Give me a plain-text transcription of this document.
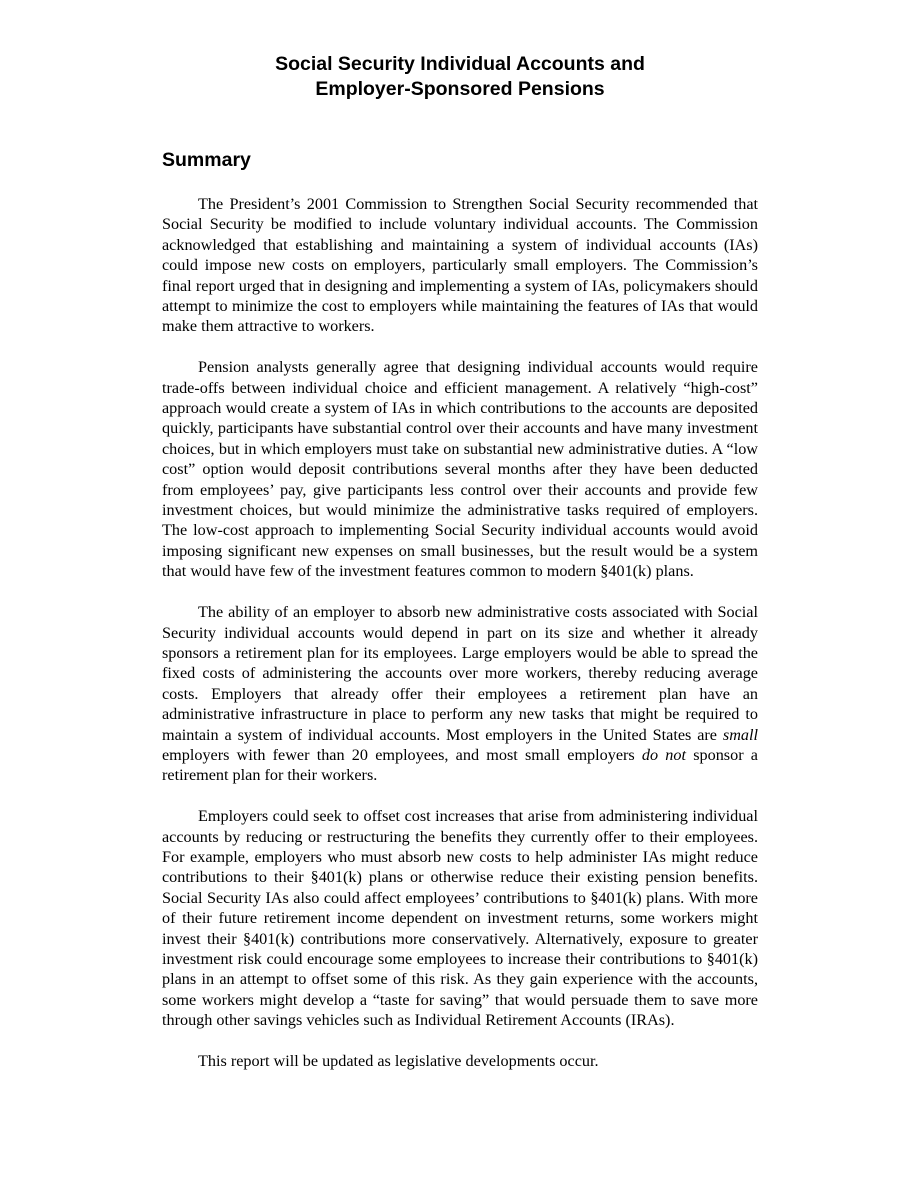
Social Security Individual Accounts and
Employer-Sponsored Pensions
Summary

The President’s 2001 Commission to Strengthen Social Security recommended that Social Security be modified to include voluntary individual accounts. The Commission acknowledged that establishing and maintaining a system of individual accounts (IAs) could impose new costs on employers, particularly small employers. The Commission’s final report urged that in designing and implementing a system of IAs, policymakers should attempt to minimize the cost to employers while maintaining the features of IAs that would make them attractive to workers.

Pension analysts generally agree that designing individual accounts would require trade-offs between individual choice and efficient management. A relatively “high-cost” approach would create a system of IAs in which contributions to the accounts are deposited quickly, participants have substantial control over their accounts and have many investment choices, but in which employers must take on substantial new administrative duties. A “low cost” option would deposit contributions several months after they have been deducted from employees’ pay, give participants less control over their accounts and provide few investment choices, but would minimize the administrative tasks required of employers. The low-cost approach to implementing Social Security individual accounts would avoid imposing significant new expenses on small businesses, but the result would be a system that would have few of the investment features common to modern §401(k) plans.

The ability of an employer to absorb new administrative costs associated with Social Security individual accounts would depend in part on its size and whether it already sponsors a retirement plan for its employees. Large employers would be able to spread the fixed costs of administering the accounts over more workers, thereby reducing average costs. Employers that already offer their employees a retirement plan have an administrative infrastructure in place to perform any new tasks that might be required to maintain a system of individual accounts. Most employers in the United States are small employers with fewer than 20 employees, and most small employers do not sponsor a retirement plan for their workers.

Employers could seek to offset cost increases that arise from administering individual accounts by reducing or restructuring the benefits they currently offer to their employees. For example, employers who must absorb new costs to help administer IAs might reduce contributions to their §401(k) plans or otherwise reduce their existing pension benefits. Social Security IAs also could affect employees’ contributions to §401(k) plans. With more of their future retirement income dependent on investment returns, some workers might invest their §401(k) contributions more conservatively. Alternatively, exposure to greater investment risk could encourage some employees to increase their contributions to §401(k) plans in an attempt to offset some of this risk. As they gain experience with the accounts, some workers might develop a “taste for saving” that would persuade them to save more through other savings vehicles such as Individual Retirement Accounts (IRAs).

This report will be updated as legislative developments occur.
